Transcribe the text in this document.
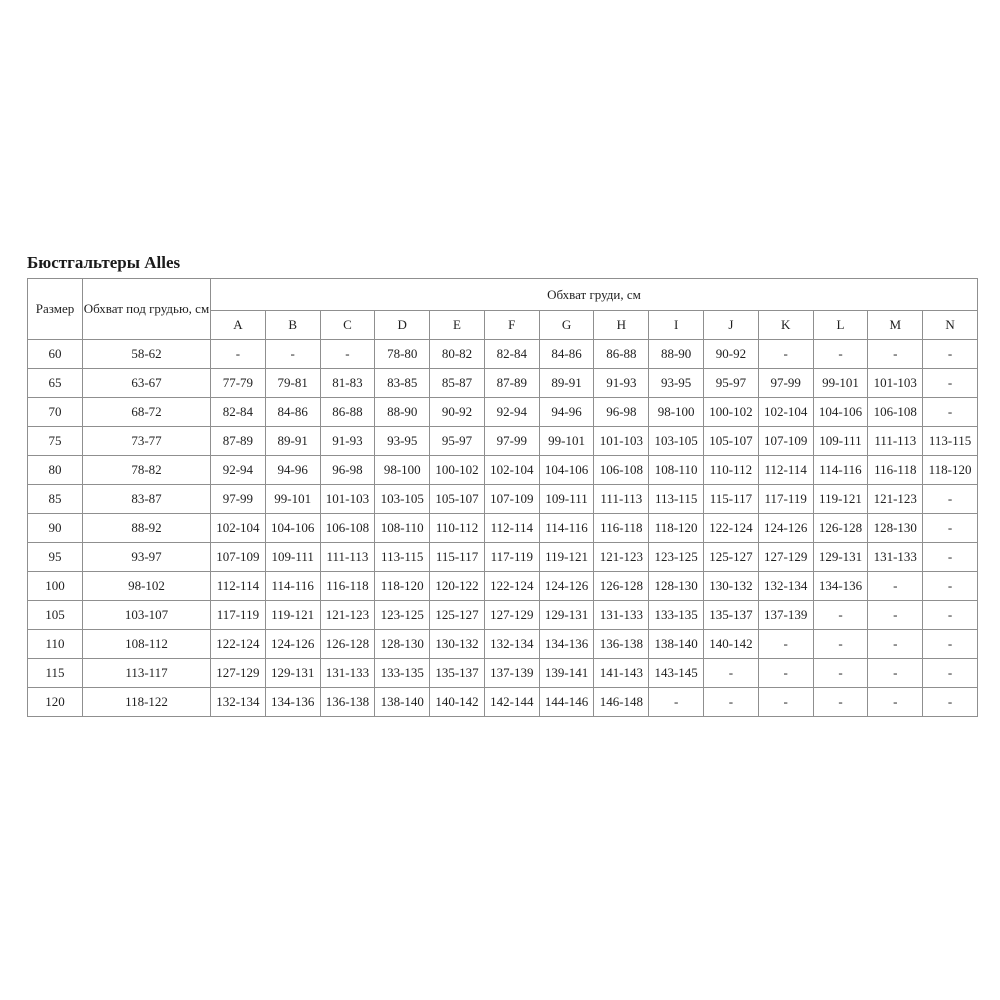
Бюстгальтеры Alles
Размер	Обхват под грудью, см	Обхват груди, см													
		A	B	C	D	E	F	G	H	I	J	K	L	M	N
60	58-62	-	-	-	78-80	80-82	82-84	84-86	86-88	88-90	90-92	-	-	-	-
65	63-67	77-79	79-81	81-83	83-85	85-87	87-89	89-91	91-93	93-95	95-97	97-99	99-101	101-103	-
70	68-72	82-84	84-86	86-88	88-90	90-92	92-94	94-96	96-98	98-100	100-102	102-104	104-106	106-108	-
75	73-77	87-89	89-91	91-93	93-95	95-97	97-99	99-101	101-103	103-105	105-107	107-109	109-111	111-113	113-115
80	78-82	92-94	94-96	96-98	98-100	100-102	102-104	104-106	106-108	108-110	110-112	112-114	114-116	116-118	118-120
85	83-87	97-99	99-101	101-103	103-105	105-107	107-109	109-111	111-113	113-115	115-117	117-119	119-121	121-123	-
90	88-92	102-104	104-106	106-108	108-110	110-112	112-114	114-116	116-118	118-120	122-124	124-126	126-128	128-130	-
95	93-97	107-109	109-111	111-113	113-115	115-117	117-119	119-121	121-123	123-125	125-127	127-129	129-131	131-133	-
100	98-102	112-114	114-116	116-118	118-120	120-122	122-124	124-126	126-128	128-130	130-132	132-134	134-136	-	-
105	103-107	117-119	119-121	121-123	123-125	125-127	127-129	129-131	131-133	133-135	135-137	137-139	-	-	-
110	108-112	122-124	124-126	126-128	128-130	130-132	132-134	134-136	136-138	138-140	140-142	-	-	-	-
115	113-117	127-129	129-131	131-133	133-135	135-137	137-139	139-141	141-143	143-145	-	-	-	-	-
120	118-122	132-134	134-136	136-138	138-140	140-142	142-144	144-146	146-148	-	-	-	-	-	-
